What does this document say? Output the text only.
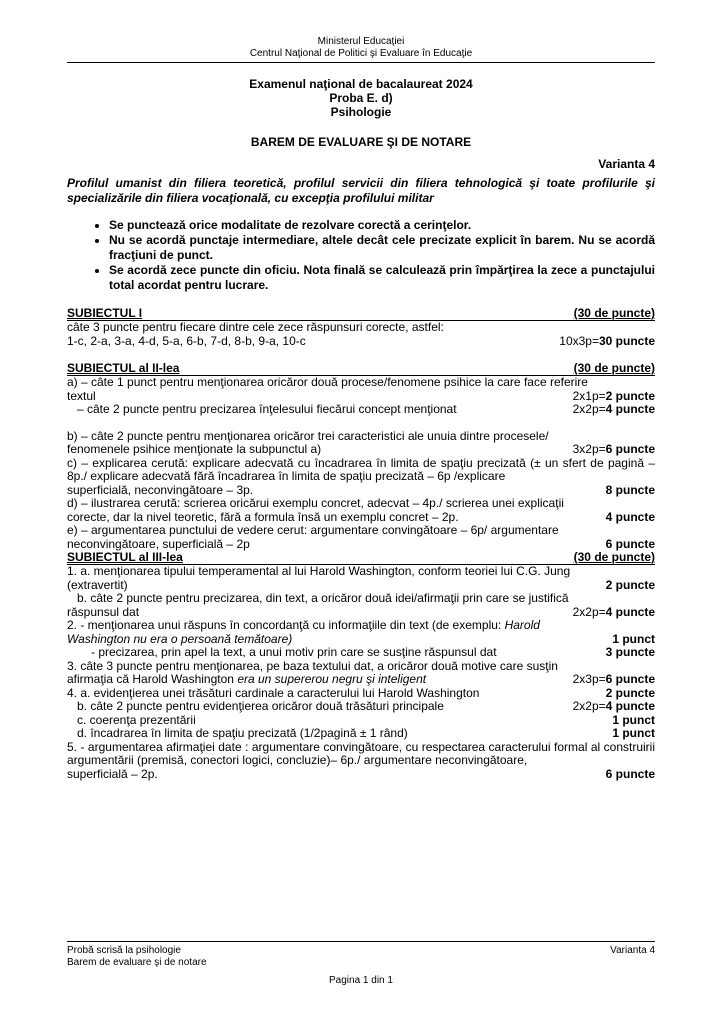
Ministerul Educaţiei
Centrul Naţional de Politici şi Evaluare în Educaţie
Examenul naţional de bacalaureat 2024
Proba E. d)
Psihologie
BAREM DE EVALUARE ŞI DE NOTARE
Varianta 4
Profilul umanist din filiera teoretică, profilul servicii din filiera tehnologică şi toate profilurile şi specializările din filiera vocaţională, cu excepţia profilului militar
• Se punctează orice modalitate de rezolvare corectă a cerinţelor.
• Nu se acordă punctaje intermediare, altele decât cele precizate explicit în barem. Nu se acordă fracţiuni de punct.
• Se acordă zece puncte din oficiu. Nota finală se calculează prin împărţirea la zece a punctajului total acordat pentru lucrare.
SUBIECTUL I	(30 de puncte)
câte 3 puncte pentru fiecare dintre cele zece răspunsuri corecte, astfel:
1-c, 2-a, 3-a, 4-d, 5-a, 6-b, 7-d, 8-b, 9-a, 10-c	10x3p=30 puncte
SUBIECTUL al II-lea	(30 de puncte)
a) – câte 1 punct pentru menţionarea oricăror două procese/fenomene psihice la care face referire
textul	2x1p=2 puncte
– câte 2 puncte pentru precizarea înţelesului fiecărui concept menţionat	2x2p=4 puncte
b) – câte 2 puncte pentru menţionarea oricăror trei caracteristici ale unuia dintre procesele/
fenomenele psihice menţionate la subpunctul a)	3x2p=6 puncte
c) – explicarea cerută: explicare adecvată cu încadrarea în limita de spaţiu precizată (± un sfert de pagină – 8p./ explicare adecvată fără încadrarea în limita de spaţiu precizată – 6p /explicare
superficială, neconvingătoare – 3p.	8 puncte
d) – ilustrarea cerută: scrierea oricărui exemplu concret, adecvat – 4p./ scrierea unei explicaţii
corecte, dar la nivel teoretic, fără a formula însă un exemplu concret – 2p.	4 puncte
e) – argumentarea punctului de vedere cerut: argumentare convingătoare – 6p/ argumentare
neconvingătoare, superficială – 2p	6 puncte
SUBIECTUL al III-lea	(30 de puncte)
1. a. menţionarea tipului temperamental al lui Harold Washington, conform teoriei lui C.G. Jung
(extravertit)	2 puncte
b. câte 2 puncte pentru precizarea, din text, a oricăror două idei/afirmaţii prin care se justifică
răspunsul dat	2x2p=4 puncte
2. - menţionarea unui răspuns în concordanţă cu informaţiile din text (de exemplu: Harold
Washington nu era o persoană temătoare)	1 punct
- precizarea, prin apel la text, a unui motiv prin care se susţine răspunsul dat	3 puncte
3. câte 3 puncte pentru menţionarea, pe baza textului dat, a oricăror două motive care susţin
afirmaţia că Harold Washington era un supererou negru şi inteligent	2x3p=6 puncte
4. a. evidenţierea unei trăsături cardinale a caracterului lui Harold Washington	2 puncte
b. câte 2 puncte pentru evidenţierea oricăror două trăsături principale	2x2p=4 puncte
c. coerenţa prezentării	1 punct
d. încadrarea în limita de spaţiu precizată (1/2pagină ± 1 rând)	1 punct
5. - argumentarea afirmaţiei date : argumentare convingătoare, cu respectarea caracterului formal al construirii argumentării (premisă, conectori logici, concluzie)– 6p./ argumentare neconvingătoare,
superficială – 2p.	6 puncte
Probă scrisă la psihologie	Varianta 4
Barem de evaluare şi de notare
Pagina 1 din 1
